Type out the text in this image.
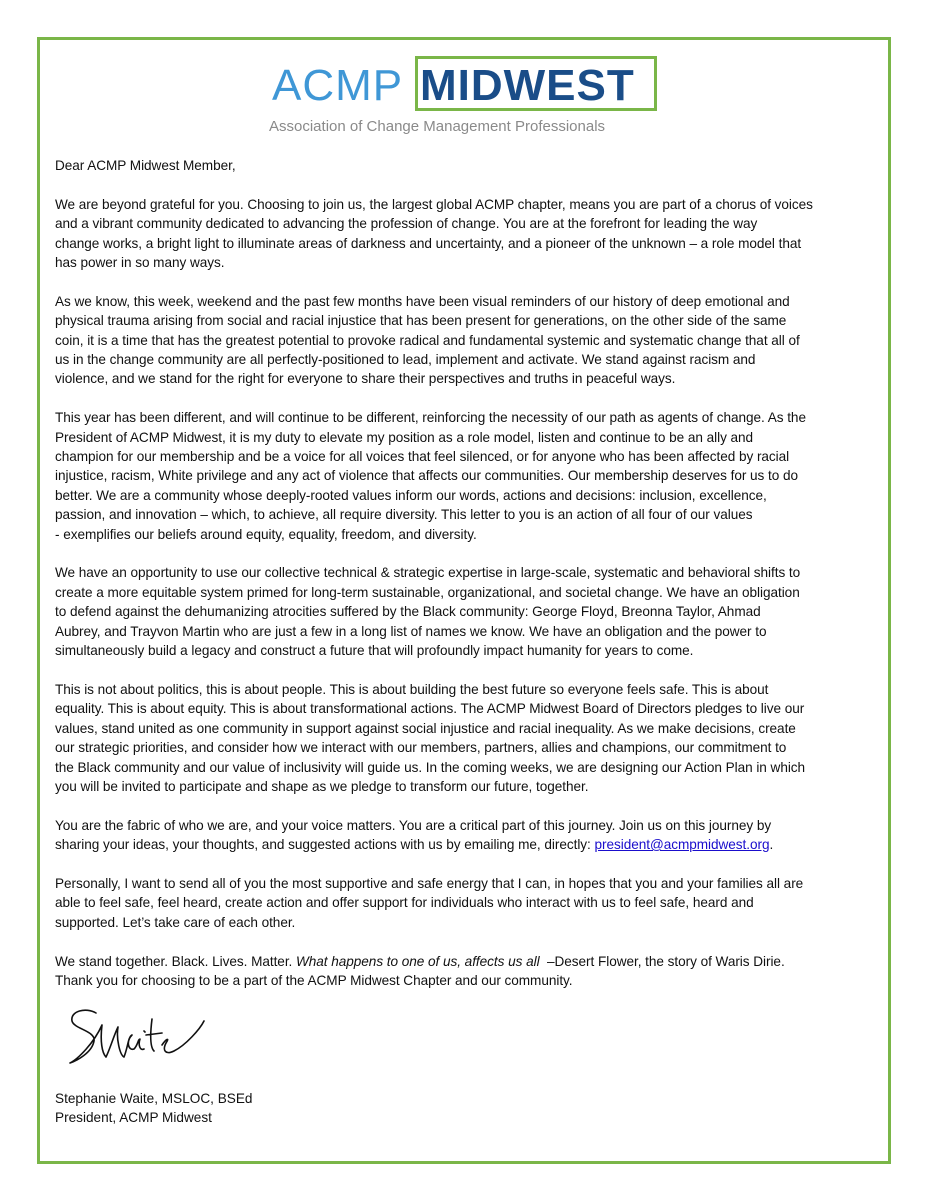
ACMP MIDWEST
Association of Change Management Professionals
Dear ACMP Midwest Member,
We are beyond grateful for you. Choosing to join us, the largest global ACMP chapter, means you are part of a chorus of voices
and a vibrant community dedicated to advancing the profession of change. You are at the forefront for leading the way
change works, a bright light to illuminate areas of darkness and uncertainty, and a pioneer of the unknown – a role model that
has power in so many ways.
As we know, this week, weekend and the past few months have been visual reminders of our history of deep emotional and
physical trauma arising from social and racial injustice that has been present for generations, on the other side of the same
coin, it is a time that has the greatest potential to provoke radical and fundamental systemic and systematic change that all of
us in the change community are all perfectly-positioned to lead, implement and activate. We stand against racism and
violence, and we stand for the right for everyone to share their perspectives and truths in peaceful ways.
This year has been different, and will continue to be different, reinforcing the necessity of our path as agents of change. As the
President of ACMP Midwest, it is my duty to elevate my position as a role model, listen and continue to be an ally and
champion for our membership and be a voice for all voices that feel silenced, or for anyone who has been affected by racial
injustice, racism, White privilege and any act of violence that affects our communities. Our membership deserves for us to do
better. We are a community whose deeply-rooted values inform our words, actions and decisions: inclusion, excellence,
passion, and innovation – which, to achieve, all require diversity. This letter to you is an action of all four of our values
- exemplifies our beliefs around equity, equality, freedom, and diversity.
We have an opportunity to use our collective technical & strategic expertise in large-scale, systematic and behavioral shifts to
create a more equitable system primed for long-term sustainable, organizational, and societal change. We have an obligation
to defend against the dehumanizing atrocities suffered by the Black community: George Floyd, Breonna Taylor, Ahmad
Aubrey, and Trayvon Martin who are just a few in a long list of names we know. We have an obligation and the power to
simultaneously build a legacy and construct a future that will profoundly impact humanity for years to come.
This is not about politics, this is about people. This is about building the best future so everyone feels safe. This is about
equality. This is about equity. This is about transformational actions. The ACMP Midwest Board of Directors pledges to live our
values, stand united as one community in support against social injustice and racial inequality. As we make decisions, create
our strategic priorities, and consider how we interact with our members, partners, allies and champions, our commitment to
the Black community and our value of inclusivity will guide us. In the coming weeks, we are designing our Action Plan in which
you will be invited to participate and shape as we pledge to transform our future, together.
You are the fabric of who we are, and your voice matters. You are a critical part of this journey. Join us on this journey by
sharing your ideas, your thoughts, and suggested actions with us by emailing me, directly: president@acmpmidwest.org.
Personally, I want to send all of you the most supportive and safe energy that I can, in hopes that you and your families all are
able to feel safe, feel heard, create action and offer support for individuals who interact with us to feel safe, heard and
supported. Let’s take care of each other.
We stand together. Black. Lives. Matter. What happens to one of us, affects us all  –Desert Flower, the story of Waris Dirie.
Thank you for choosing to be a part of the ACMP Midwest Chapter and our community.
Stephanie Waite, MSLOC, BSEd
President, ACMP Midwest
